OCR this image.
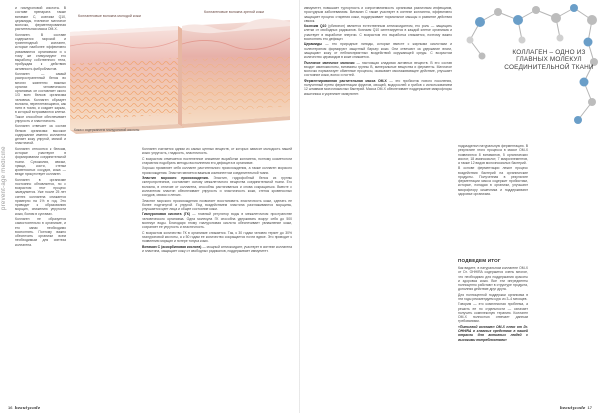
prevent-age medicine

и гиалуроновой кислоты. В составе препарата также витамин С, коэнзим Q10, церамиды, пчелиное маточное молочко, ферментированная растительная масса ОМ-Х.

Коллаген. В составе содержатся морской и трипептидный коллаген, которые наиболее эффективно усваиваются организмом и к тому же стимулируют его выработку собственного тела, пробуждая к действию активность фибробластов.

Коллаген — самый распространенный белок во многих жизненно важных органах человеческого организма: он составляет около 1/3 всех белков организма человека. Коллаген образует волокна, переплетающиеся, как нити в ткани, и создает каркас, в который встраиваются клетки. Такое способное обеспечивает упругость и эластичность.

Коллаген отвечает за состав белков организма: высокое содержание именно коллагена делает кожу упругой, мягкой и эластичной.

Коллаген относится к белкам, которые участвуют в формировании соединительной ткани. Сухожилия, связки, хрящи, кости, стенки кровеносных сосудов, кожа — везде присутствует коллаген.

Коллаген в организме постоянно обновляется, но с возрастом этот процесс замедляется. Уже после 25 лет синтез коллагена снижается примерно на 1% в год. Это приводит к образованию морщин, снижению упругости кожи, болям в суставах.

Коллаген не образуется самостоятельно в организме, и его запас необходимо восполнять. Поэтому важно обеспечить организм всем необходимым для синтеза коллагена.

Коллагеновые волокна молодой кожи
Коллагеновые волокна зрелой кожи
Кожа с содержанием гиалуроновой кислоты

Коллаген считается одним из самых ценных веществ, от которых зависит молодость нашей кожи: упругость, гладкость, эластичность.

С возрастом отмечается постепенное снижение выработки коллагена, поэтому косметологи стараются подобрать методы восполнения его дефицита в организме.

Хорошо проявляет себя коллаген растительного происхождения, а также коллаген морского происхождения. Эластин является важным компонентом соединительной ткани.

Эластин морского происхождения. Эластин, гидрофобный белок из группы склеропротеинов, составляет основу межклеточного вещества соединительной ткани. Его волокна, в отличие от коллагена, способны растягиваться и снова сокращаться. Вместе с коллагеном эластин обеспечивает упругость и эластичность кожи, стенок кровеносных сосудов, связок и легких.

Эластин морского происхождения позволяет восстановить эластичность кожи, сделать ее более подтянутой и упругой. Под воздействием эластина разглаживаются морщины, улучшается цвет лица и общее состояние кожи.

Гиалуроновая кислота (ГК) — главный регулятор воды в межклеточном пространстве человеческого организма. Одна молекула ГК способна удерживать вокруг себя до 500 молекул воды. Благодаря этому гиалуроновая кислота обеспечивает увлажнение кожи, сохраняет ее упругость и эластичность.

С возрастом количество ГК в организме снижается. Так, к 30 годам человек теряет до 30% гиалуроновой кислоты, а к 50 годам ее количество сокращается почти вдвое. Это приводит к появлению морщин и потере тонуса кожи.

Витамин С (аскорбиновая кислота) — мощный антиоксидант, участвует в синтезе коллагена и эластина, защищает кожу от свободных радикалов, поддерживает иммунитет.

16 beautycode

иммунитет, повышает тургорность и сопротивляемость организма различным инфекциям, простудным заболеваниям. Витамин С также участвует в синтезе коллагена, эффективно защищает процесс старения кожи, поддерживает нормальное мышцы и развитие действия связок.

Коэнзим Q10 (убихинон) является естественным антиоксидантом, его роль — защищать клетки от свободных радикалов. Коэнзим Q10 синтезируется в каждой клетке организма и участвует в выработке энергии. С возрастом его выработка снижается, поэтому важно восполнять его дефицит.

Церамиды — это природные липиды, которые вместе с жирными кислотами и холестерином формируют защитный барьер кожи. Они отвечают за удержание влаги, защищают кожу от неблагоприятных воздействий окружающей среды. С возрастом количество церамидов в коже снижается.

Пчелиное маточное молочко — настоящая кладовая активных веществ. В его состав входят аминокислоты, витамины группы В, минеральные вещества и ферменты. Маточное молочко нормализует обменные процессы, оказывает омолаживающее действие, улучшает состояние кожи, волос и ногтей.

Ферментированная растительная масса ОМ-Х — это пробиотик нового поколения, полученный путем ферментации фруктов, овощей, водорослей и грибов с использованием 12 штаммов молочнокислых бактерий. Масса ОМ-Х обеспечивает поддержание микрофлоры кишечника и укрепляет иммунитет.

подразделил натуральную ферментацию. В результате этого процесса в массе ОМ-Х появляются 8 витаминов, 5 органических кислот, 18 аминокислот, 7 микроэлементов, а также 12 видов молочнокислых бактерий.

В основе ферментации лежит процесс воздействия бактерий на органические продукты. Полученная в результате ферментации масса содержит пробиотики, которые, попадая в организм, улучшают микрофлору кишечника и поддерживают здоровье организма.

ПОДВЕДЕМ ИТОГ

Как видите, в натуральном коллагене ОМ-Х от Dr. OHHIRA содержится очень многое, что необходимо для поддержания красоты и здоровья кожи. Все эти ингредиенты полноценно работают в структуре продукта, дополняя действие друг друга.

Для полноценной поддержки организма в эти годы рекомендуем курс из 3–4 месяцев.

Говорим — это комплексная проблема, а решить ее по отдельности — означает получить комплексную терапию. Коллаген ОМ-Х полностью отвечает данным требованиям.

«Питьевой коллаген ОМ-Х плюс от Dr. OHHIRA в главных средствах в нашей отрасли для активных людей с высокими потребностями»

beautycode 17
КОЛЛАГЕН – ОДНО ИЗ ГЛАВНЫХ МОЛЕКУЛ СОЕДИНИТЕЛЬНОЙ ТКАНИ
